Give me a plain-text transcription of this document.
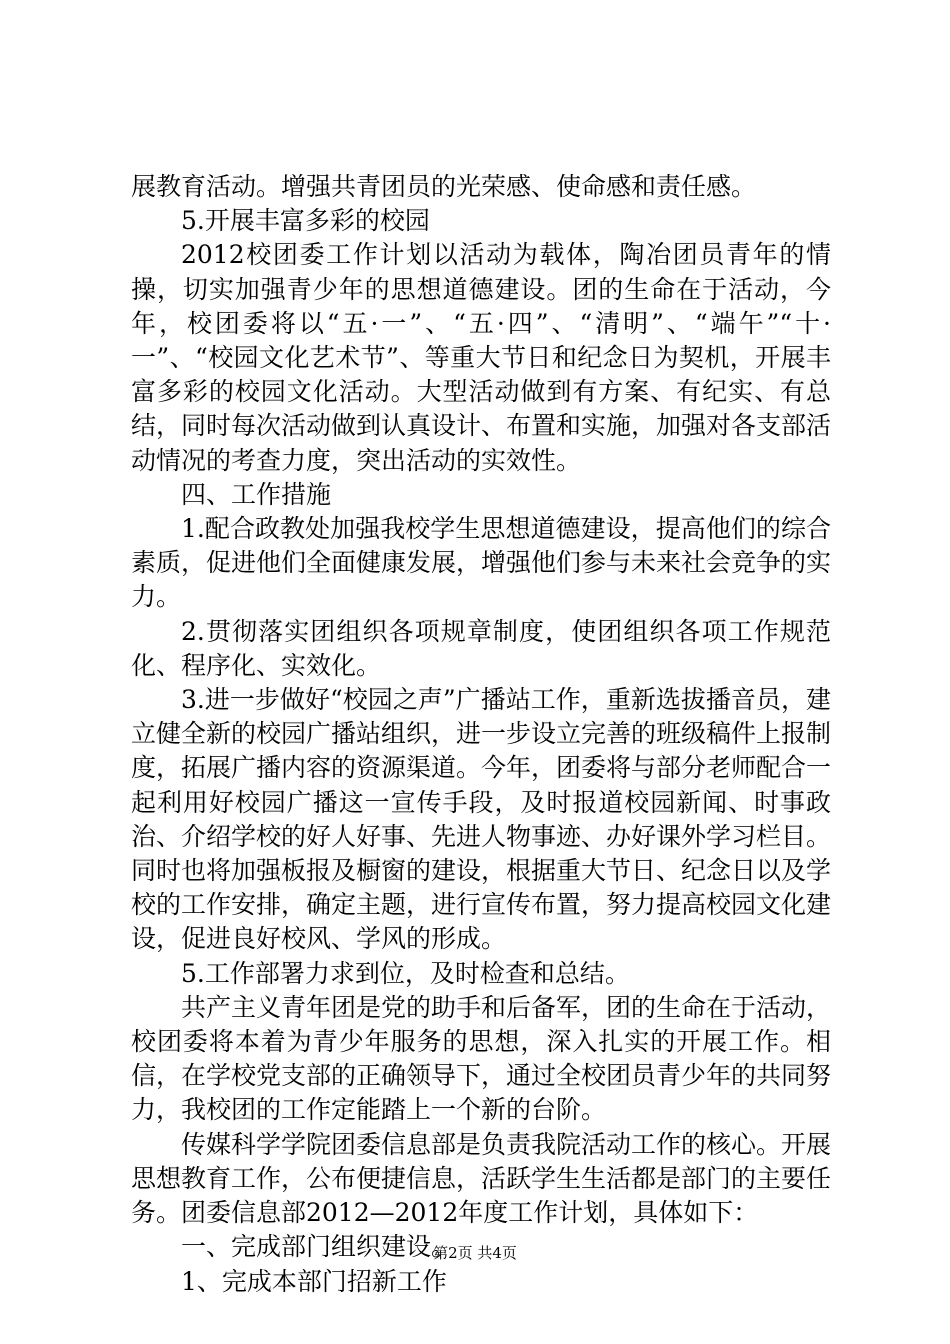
展教育活动。增强共青团员的光荣感、使命感和责任感。

5.开展丰富多彩的校园

2012校团委工作计划以活动为载体，陶冶团员青年的情操，切实加强青少年的思想道德建设。团的生命在于活动，今年，校团委将以“五·一”、“五·四”、“清明”、“端午”“十·一”、“校园文化艺术节”、等重大节日和纪念日为契机，开展丰富多彩的校园文化活动。大型活动做到有方案、有纪实、有总结，同时每次活动做到认真设计、布置和实施，加强对各支部活动情况的考查力度，突出活动的实效性。

四、工作措施

1.配合政教处加强我校学生思想道德建设，提高他们的综合素质，促进他们全面健康发展，增强他们参与未来社会竞争的实力。

2.贯彻落实团组织各项规章制度，使团组织各项工作规范化、程序化、实效化。

3.进一步做好“校园之声”广播站工作，重新选拔播音员，建立健全新的校园广播站组织，进一步设立完善的班级稿件上报制度，拓展广播内容的资源渠道。今年，团委将与部分老师配合一起利用好校园广播这一宣传手段，及时报道校园新闻、时事政治、介绍学校的好人好事、先进人物事迹、办好课外学习栏目。同时也将加强板报及橱窗的建设，根据重大节日、纪念日以及学校的工作安排，确定主题，进行宣传布置，努力提高校园文化建设，促进良好校风、学风的形成。

5.工作部署力求到位，及时检查和总结。

共产主义青年团是党的助手和后备军，团的生命在于活动，校团委将本着为青少年服务的思想，深入扎实的开展工作。相信，在学校党支部的正确领导下，通过全校团员青少年的共同努力，我校团的工作定能踏上一个新的台阶。

传媒科学学院团委信息部是负责我院活动工作的核心。开展思想教育工作，公布便捷信息，活跃学生生活都是部门的主要任务。团委信息部2012—2012年度工作计划，具体如下：

一、完成部门组织建设。

1、完成本部门招新工作

第2页 共4页
